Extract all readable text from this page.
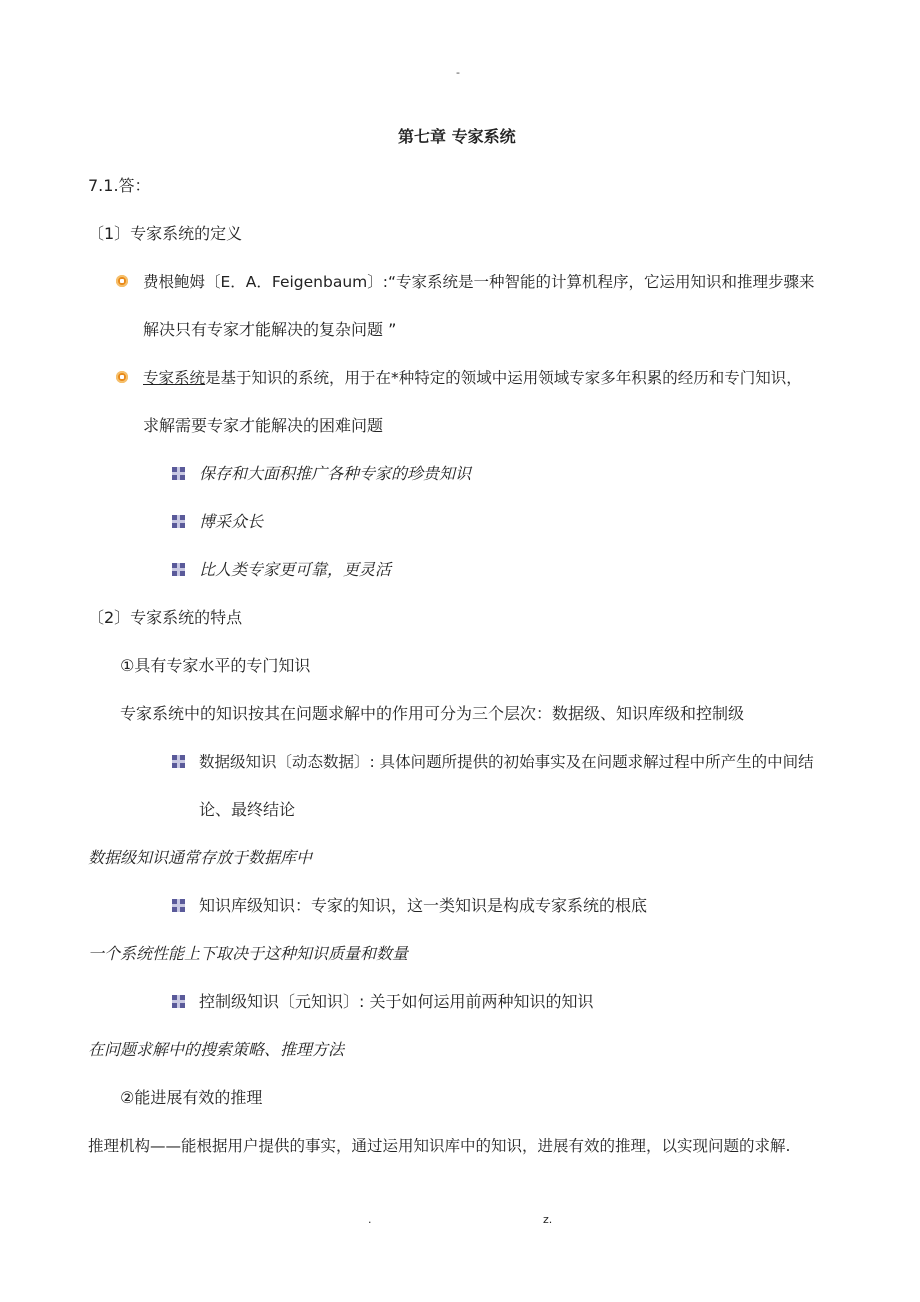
-
第七章 专家系统
7.1.答：
〔1〕专家系统的定义
费根鲍姆〔E．A．Feigenbaum〕:“专家系统是一种智能的计算机程序，它运用知识和推理步骤来
解决只有专家才能解决的复杂问题 ”
专家系统是基于知识的系统，用于在*种特定的领域中运用领域专家多年积累的经历和专门知识，
求解需要专家才能解决的困难问题
保存和大面积推广各种专家的珍贵知识
博采众长
比人类专家更可靠，更灵活
〔2〕专家系统的特点
①具有专家水平的专门知识
专家系统中的知识按其在问题求解中的作用可分为三个层次：数据级、知识库级和控制级
数据级知识〔动态数据〕: 具体问题所提供的初始事实及在问题求解过程中所产生的中间结
论、最终结论
数据级知识通常存放于数据库中
知识库级知识：专家的知识，这一类知识是构成专家系统的根底
一个系统性能上下取决于这种知识质量和数量
控制级知识〔元知识〕: 关于如何运用前两种知识的知识
在问题求解中的搜索策略、推理方法
②能进展有效的推理
推理机构——能根据用户提供的事实，通过运用知识库中的知识，进展有效的推理，以实现问题的求解.
.	z.
